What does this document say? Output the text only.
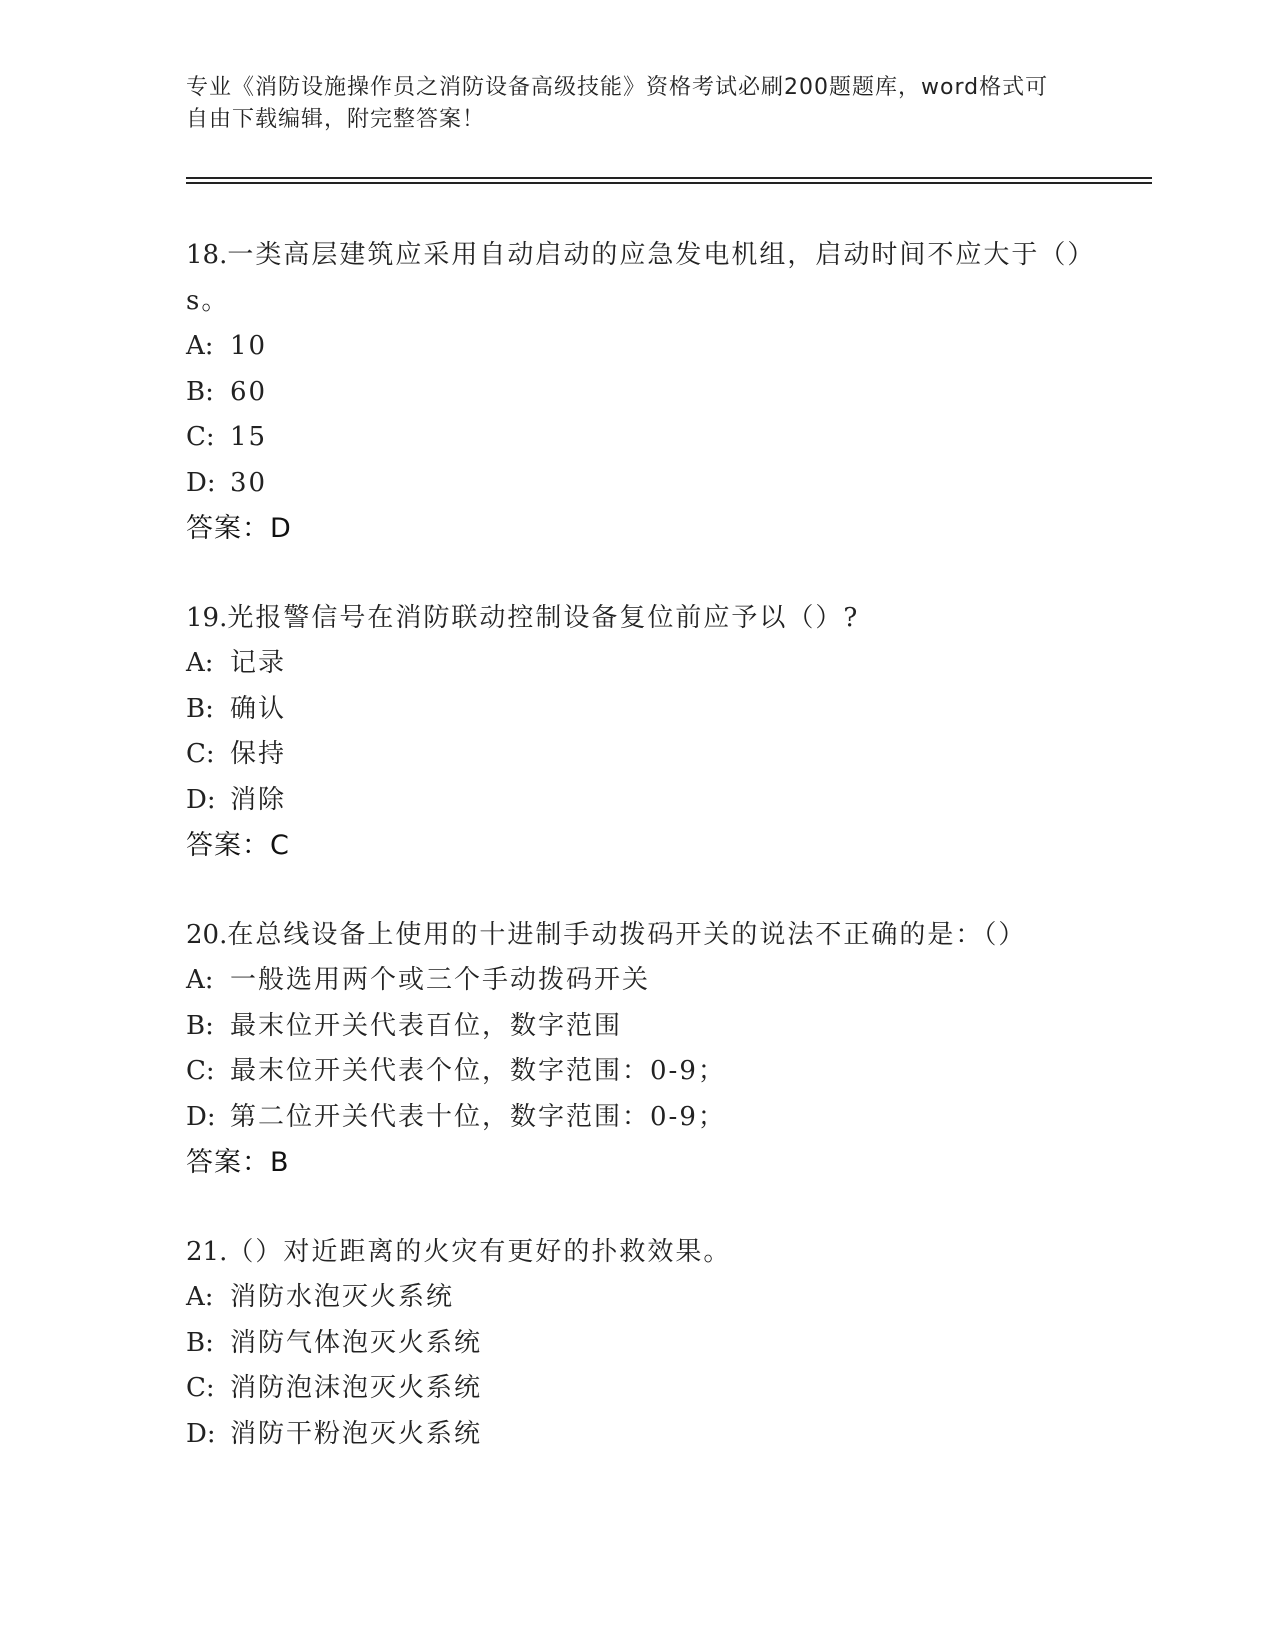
专业《消防设施操作员之消防设备高级技能》资格考试必刷200题题库，word格式可自由下载编辑，附完整答案！
18.一类高层建筑应采用自动启动的应急发电机组，启动时间不应大于（）s。
A: 10
B: 60
C: 15
D: 30
答案：D
19.光报警信号在消防联动控制设备复位前应予以（）?
A: 记录
B: 确认
C: 保持
D: 消除
答案：C
20.在总线设备上使用的十进制手动拨码开关的说法不正确的是：（）
A: 一般选用两个或三个手动拨码开关
B: 最末位开关代表百位，数字范围
C: 最末位开关代表个位，数字范围：0-9；
D: 第二位开关代表十位，数字范围：0-9；
答案：B
21.（）对近距离的火灾有更好的扑救效果。
A: 消防水泡灭火系统
B: 消防气体泡灭火系统
C: 消防泡沫泡灭火系统
D: 消防干粉泡灭火系统
